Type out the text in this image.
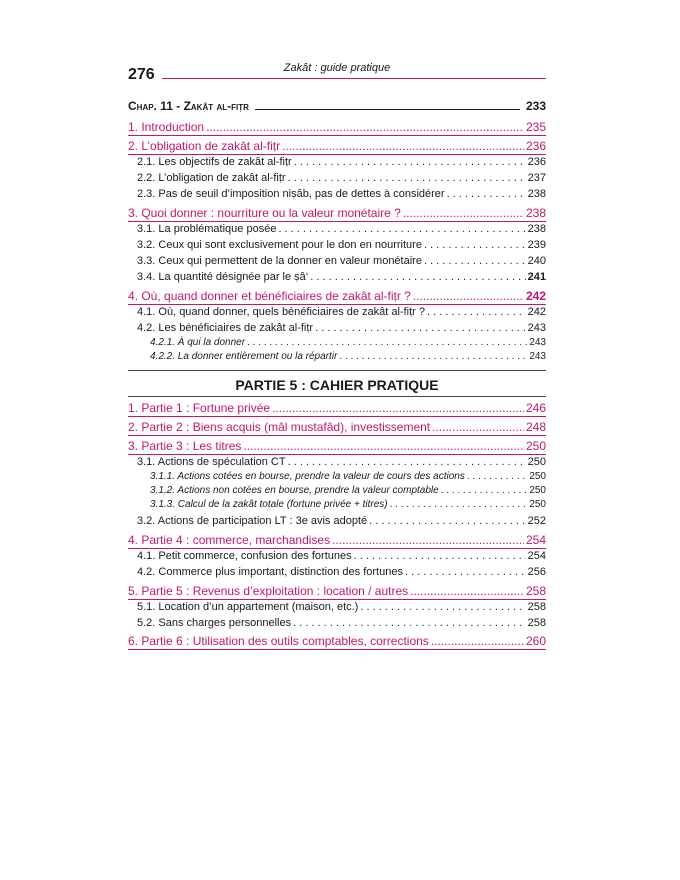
Zakât : guide pratique
276
Chap. 11 - Zakât al-fiṭr	233
1. Introduction .....	235
2. L’obligation de zakât al-fiṭr .....	236
2.1. Les objectifs de zakât al-fiṭr . . .	236
2.2. L’obligation de zakât al-fiṭr . . .	237
2.3. Pas de seuil d’imposition niṣâb, pas de dettes à considérer . . .	238
3. Quoi donner : nourriture ou la valeur monétaire ? .....	238
3.1. La problématique posée . . .	238
3.2. Ceux qui sont exclusivement pour le don en nourriture . . .	239
3.3. Ceux qui permettent de la donner en valeur monétaire . . .	240
3.4. La quantité désignée par le ṣâ‘ . . .	241
4. Où, quand donner et bénéficiaires de zakât al-fiṭr ? .....	242
4.1. Où, quand donner, quels bénéficiaires de zakât al-fiṭr ? . . .	242
4.2. Les bénéficiaires de zakât al-fiṭr . . .	243
4.2.1. À qui la donner . . .	243
4.2.2. La donner entièrement ou la répartir . . .	243
PARTIE 5 : CAHIER PRATIQUE
1. Partie 1 : Fortune privée .....	246
2. Partie 2 : Biens acquis (mâl mustafâd), investissement .....	248
3. Partie 3 : Les titres .....	250
3.1. Actions de spéculation CT . . .	250
3.1.1. Actions cotées en bourse, prendre la valeur de cours des actions . . .	250
3.1.2. Actions non cotées en bourse, prendre la valeur comptable . . .	250
3.1.3. Calcul de la zakât totale (fortune privée + titres) . . .	250
3.2. Actions de participation LT : 3e avis adopté . . .	252
4. Partie 4 : commerce, marchandises .....	254
4.1. Petit commerce, confusion des fortunes . . .	254
4.2. Commerce plus important, distinction des fortunes . . .	256
5. Partie 5 : Revenus d’exploitation : location / autres .....	258
5.1. Location d’un appartement (maison, etc.) . . .	258
5.2. Sans charges personnelles . . .	258
6. Partie 6 : Utilisation des outils comptables, corrections .....	260
